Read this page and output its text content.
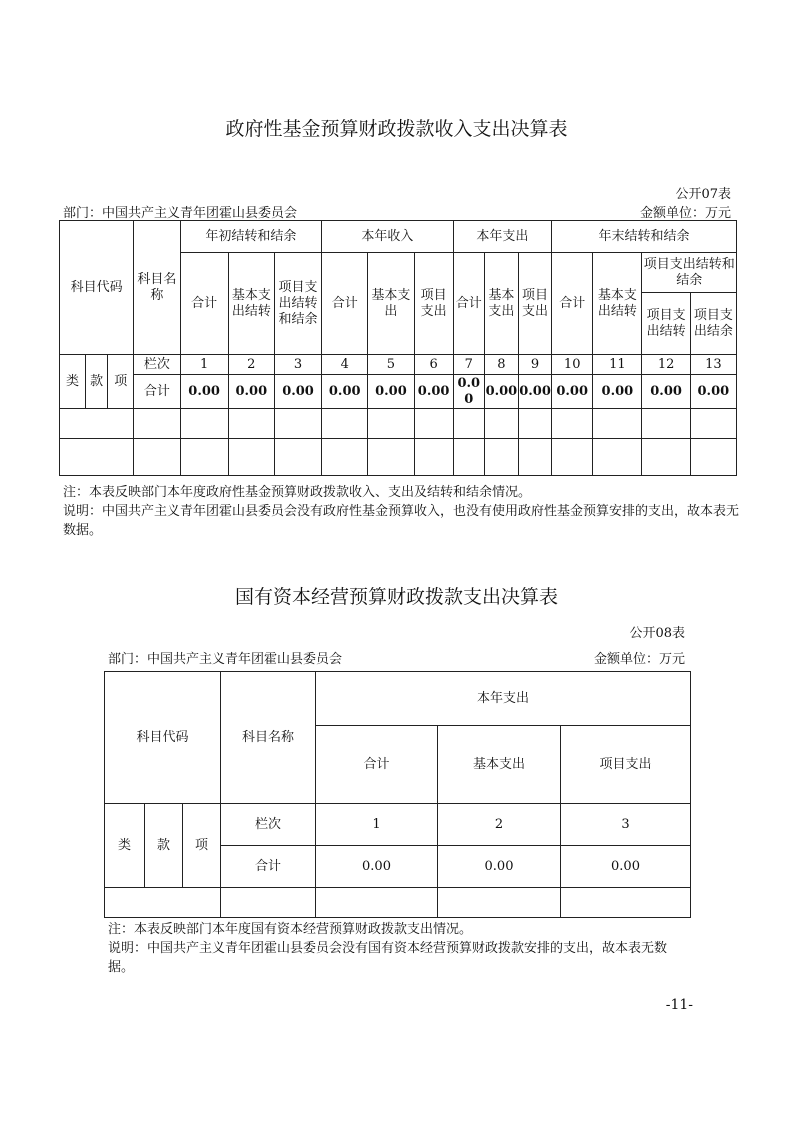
政府性基金预算财政拨款收入支出决算表
公开07表
部门：中国共产主义青年团霍山县委员会	金额单位：万元
科目代码			科目名称	年初结转和结余			本年收入			本年支出			年末结转和结余			
				合计	基本支出结转	项目支出结转和结余	合计	基本支出	项目支出	合计	基本支出	项目支出	合计	基本支出结转	项目支出结转和结余	
															项目支出结转	项目支出结余
类	款	项	栏次	1	2	3	4	5	6	7	8	9	10	11	12	13
			合计	0.00	0.00	0.00	0.00	0.00	0.00	0.00	0.00	0.00	0.00	0.00	0.00	0.00

注：本表反映部门本年度政府性基金预算财政拨款收入、支出及结转和结余情况。
说明：中国共产主义青年团霍山县委员会没有政府性基金预算收入，也没有使用政府性基金预算安排的支出，故本表无数据。
国有资本经营预算财政拨款支出决算表
公开08表
部门：中国共产主义青年团霍山县委员会	金额单位：万元
科目代码			科目名称	本年支出		
				合计	基本支出	项目支出
类	款	项	栏次	1	2	3
			合计	0.00	0.00	0.00

注：本表反映部门本年度国有资本经营预算财政拨款支出情况。
说明：中国共产主义青年团霍山县委员会没有国有资本经营预算财政拨款安排的支出，故本表无数据。
-11-
